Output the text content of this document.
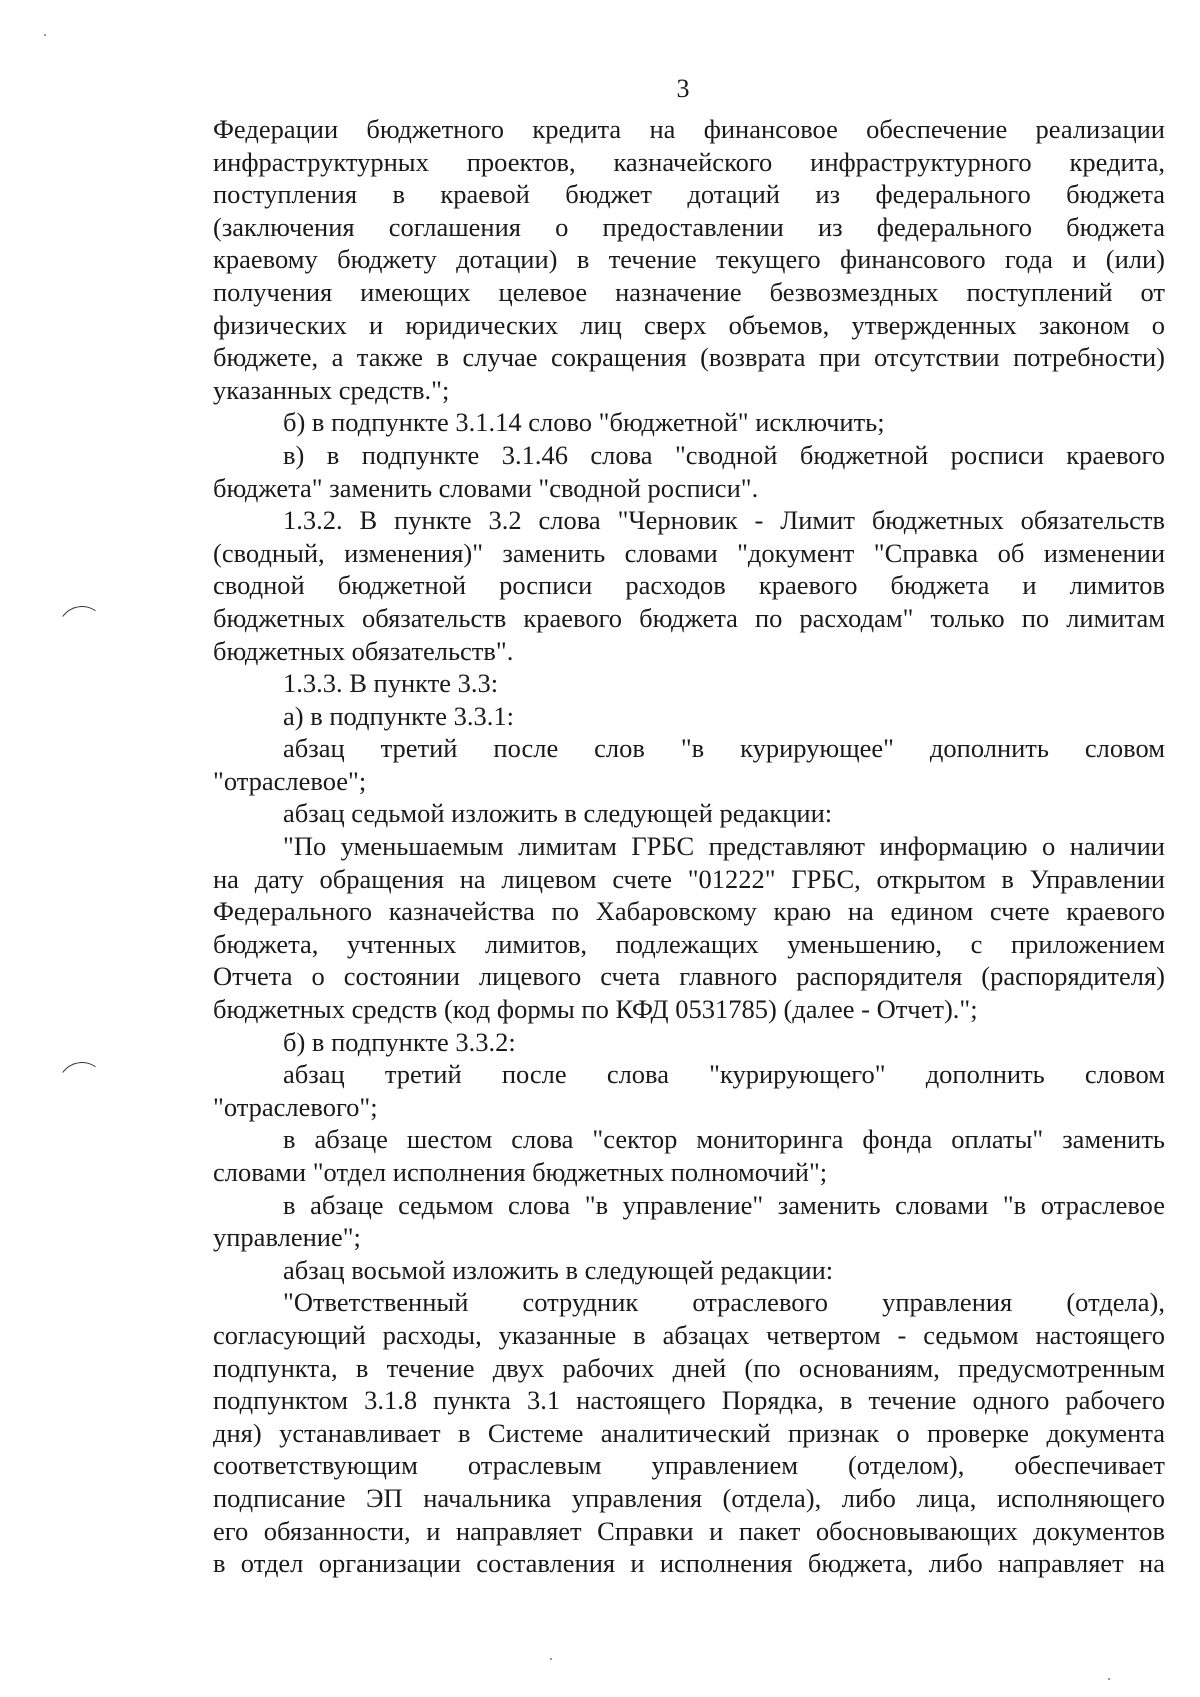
3
Федерации бюджетного кредита на финансовое обеспечение реализации
инфраструктурных проектов, казначейского инфраструктурного кредита,
поступления в краевой бюджет дотаций из федерального бюджета
(заключения соглашения о предоставлении из федерального бюджета
краевому бюджету дотации) в течение текущего финансового года и (или)
получения имеющих целевое назначение безвозмездных поступлений от
физических и юридических лиц сверх объемов, утвержденных законом о
бюджете, а также в случае сокращения (возврата при отсутствии потребности)
указанных средств.";
б) в подпункте 3.1.14 слово "бюджетной" исключить;
в) в подпункте 3.1.46 слова "сводной бюджетной росписи краевого
бюджета" заменить словами "сводной росписи".
1.3.2. В пункте 3.2 слова "Черновик - Лимит бюджетных обязательств
(сводный, изменения)" заменить словами "документ "Справка об изменении
сводной бюджетной росписи расходов краевого бюджета и лимитов
бюджетных обязательств краевого бюджета по расходам" только по лимитам
бюджетных обязательств".
1.3.3. В пункте 3.3:
а) в подпункте 3.3.1:
абзац третий после слов "в курирующее" дополнить словом
"отраслевое";
абзац седьмой изложить в следующей редакции:
"По уменьшаемым лимитам ГРБС представляют информацию о наличии
на дату обращения на лицевом счете "01222" ГРБС, открытом в Управлении
Федерального казначейства по Хабаровскому краю на едином счете краевого
бюджета, учтенных лимитов, подлежащих уменьшению, с приложением
Отчета о состоянии лицевого счета главного распорядителя (распорядителя)
бюджетных средств (код формы по КФД 0531785) (далее - Отчет).";
б) в подпункте 3.3.2:
абзац третий после слова "курирующего" дополнить словом
"отраслевого";
в абзаце шестом слова "сектор мониторинга фонда оплаты" заменить
словами "отдел исполнения бюджетных полномочий";
в абзаце седьмом слова "в управление" заменить словами "в отраслевое
управление";
абзац восьмой изложить в следующей редакции:
"Ответственный сотрудник отраслевого управления (отдела),
согласующий расходы, указанные в абзацах четвертом - седьмом настоящего
подпункта, в течение двух рабочих дней (по основаниям, предусмотренным
подпунктом 3.1.8 пункта 3.1 настоящего Порядка, в течение одного рабочего
дня) устанавливает в Системе аналитический признак о проверке документа
соответствующим отраслевым управлением (отделом), обеспечивает
подписание ЭП начальника управления (отдела), либо лица, исполняющего
его обязанности, и направляет Справки и пакет обосновывающих документов
в отдел организации составления и исполнения бюджета, либо направляет на
